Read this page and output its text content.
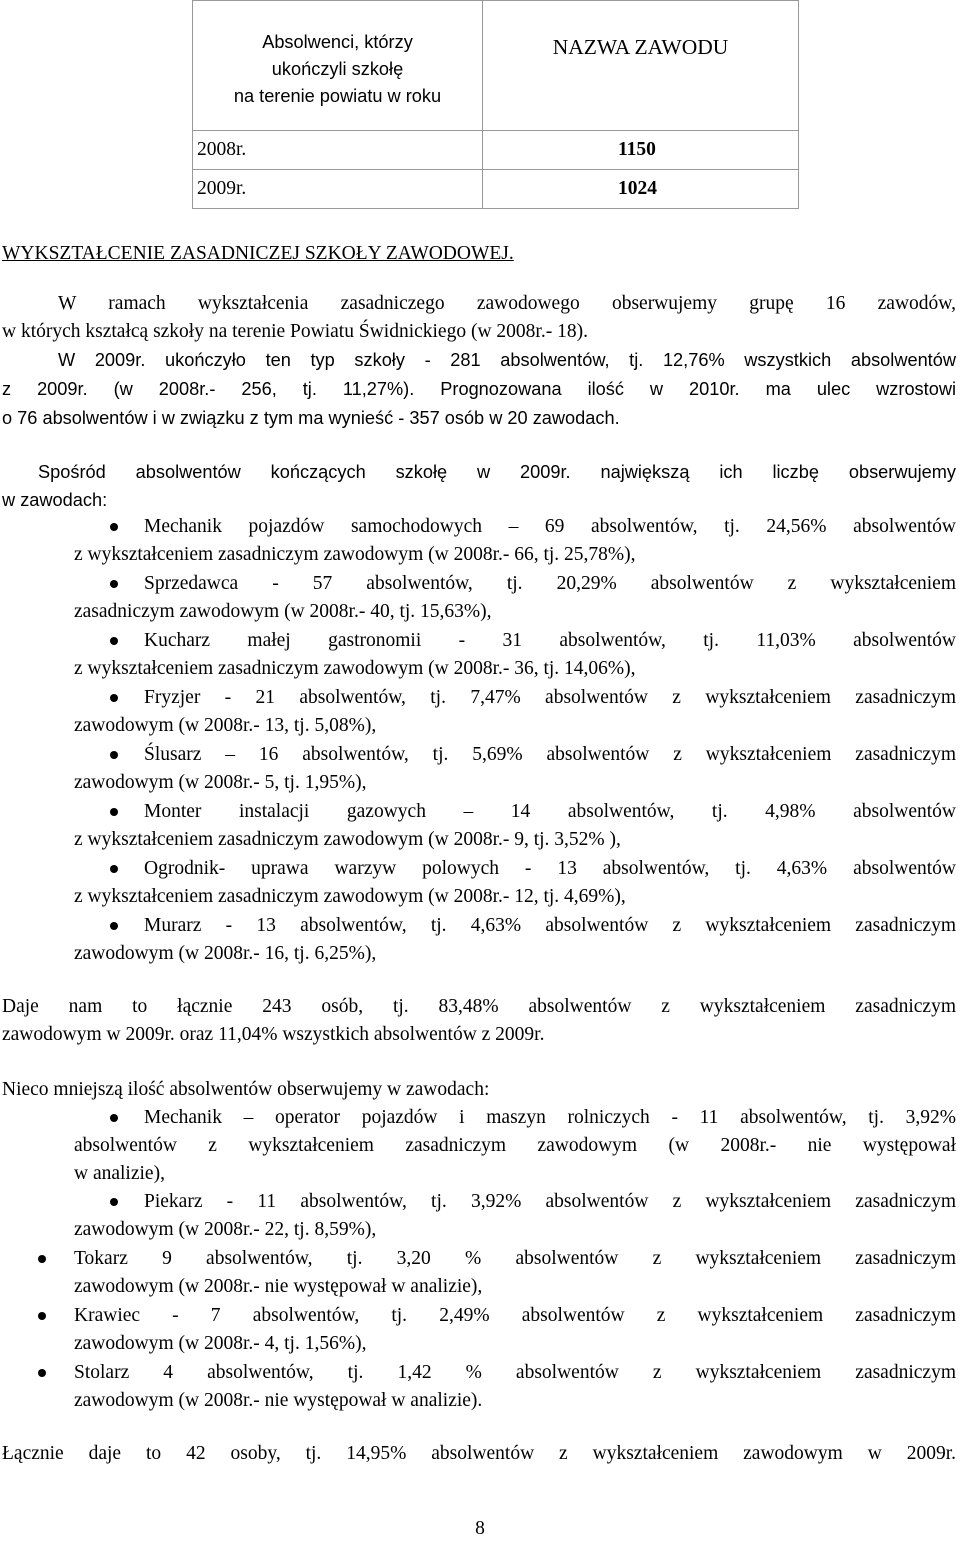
Absolwenci, którzy
ukończyli szkołę
na terenie powiatu w roku	NAZWA ZAWODU

2008r.	1150
2009r.	1024
WYKSZTAŁCENIE ZASADNICZEJ SZKOŁY ZAWODOWEJ.
W ramach wykształcenia zasadniczego zawodowego obserwujemy grupę 16 zawodów,
w których kształcą szkoły na terenie Powiatu Świdnickiego (w 2008r.- 18).
W 2009r. ukończyło ten typ szkoły - 281 absolwentów, tj. 12,76% wszystkich absolwentów
z 2009r. (w 2008r.- 256, tj. 11,27%). Prognozowana ilość w 2010r. ma ulec wzrostowi
o 76 absolwentów i w związku z tym ma wynieść - 357 osób w 20 zawodach.
Spośród absolwentów kończących szkołę w 2009r. największą ich liczbę obserwujemy
w zawodach:
Mechanik pojazdów samochodowych – 69 absolwentów, tj. 24,56% absolwentów
z wykształceniem zasadniczym zawodowym (w 2008r.- 66, tj. 25,78%),
Sprzedawca - 57 absolwentów, tj. 20,29% absolwentów z wykształceniem
zasadniczym zawodowym (w 2008r.- 40, tj. 15,63%),
Kucharz małej gastronomii - 31 absolwentów, tj. 11,03% absolwentów
z wykształceniem zasadniczym zawodowym (w 2008r.- 36, tj. 14,06%),
Fryzjer - 21 absolwentów, tj. 7,47% absolwentów z wykształceniem zasadniczym
zawodowym (w 2008r.- 13, tj. 5,08%),
Ślusarz – 16 absolwentów, tj. 5,69% absolwentów z wykształceniem zasadniczym
zawodowym (w 2008r.- 5, tj. 1,95%),
Monter instalacji gazowych – 14 absolwentów, tj. 4,98% absolwentów
z wykształceniem zasadniczym zawodowym (w 2008r.- 9, tj. 3,52% ),
Ogrodnik- uprawa warzyw polowych - 13 absolwentów, tj. 4,63% absolwentów
z wykształceniem zasadniczym zawodowym (w 2008r.- 12, tj. 4,69%),
Murarz - 13 absolwentów, tj. 4,63% absolwentów z wykształceniem zasadniczym
zawodowym (w 2008r.- 16, tj. 6,25%),
Daje nam to łącznie 243 osób, tj. 83,48% absolwentów z wykształceniem zasadniczym
zawodowym w 2009r. oraz 11,04% wszystkich absolwentów z 2009r.
Nieco mniejszą ilość absolwentów obserwujemy w zawodach:
Mechanik – operator pojazdów i maszyn rolniczych - 11 absolwentów, tj. 3,92%
absolwentów z wykształceniem zasadniczym zawodowym (w 2008r.- nie występował
w analizie),
Piekarz - 11 absolwentów, tj. 3,92% absolwentów z wykształceniem zasadniczym
zawodowym (w 2008r.- 22, tj. 8,59%),
Tokarz 9 absolwentów, tj. 3,20 % absolwentów z wykształceniem zasadniczym
zawodowym (w 2008r.- nie występował w analizie),
Krawiec - 7 absolwentów, tj. 2,49% absolwentów z wykształceniem zasadniczym
zawodowym (w 2008r.- 4, tj. 1,56%),
Stolarz 4 absolwentów, tj. 1,42 % absolwentów z wykształceniem zasadniczym
zawodowym (w 2008r.- nie występował w analizie).
Łącznie daje to 42 osoby, tj. 14,95% absolwentów z wykształceniem zawodowym w 2009r.
8
